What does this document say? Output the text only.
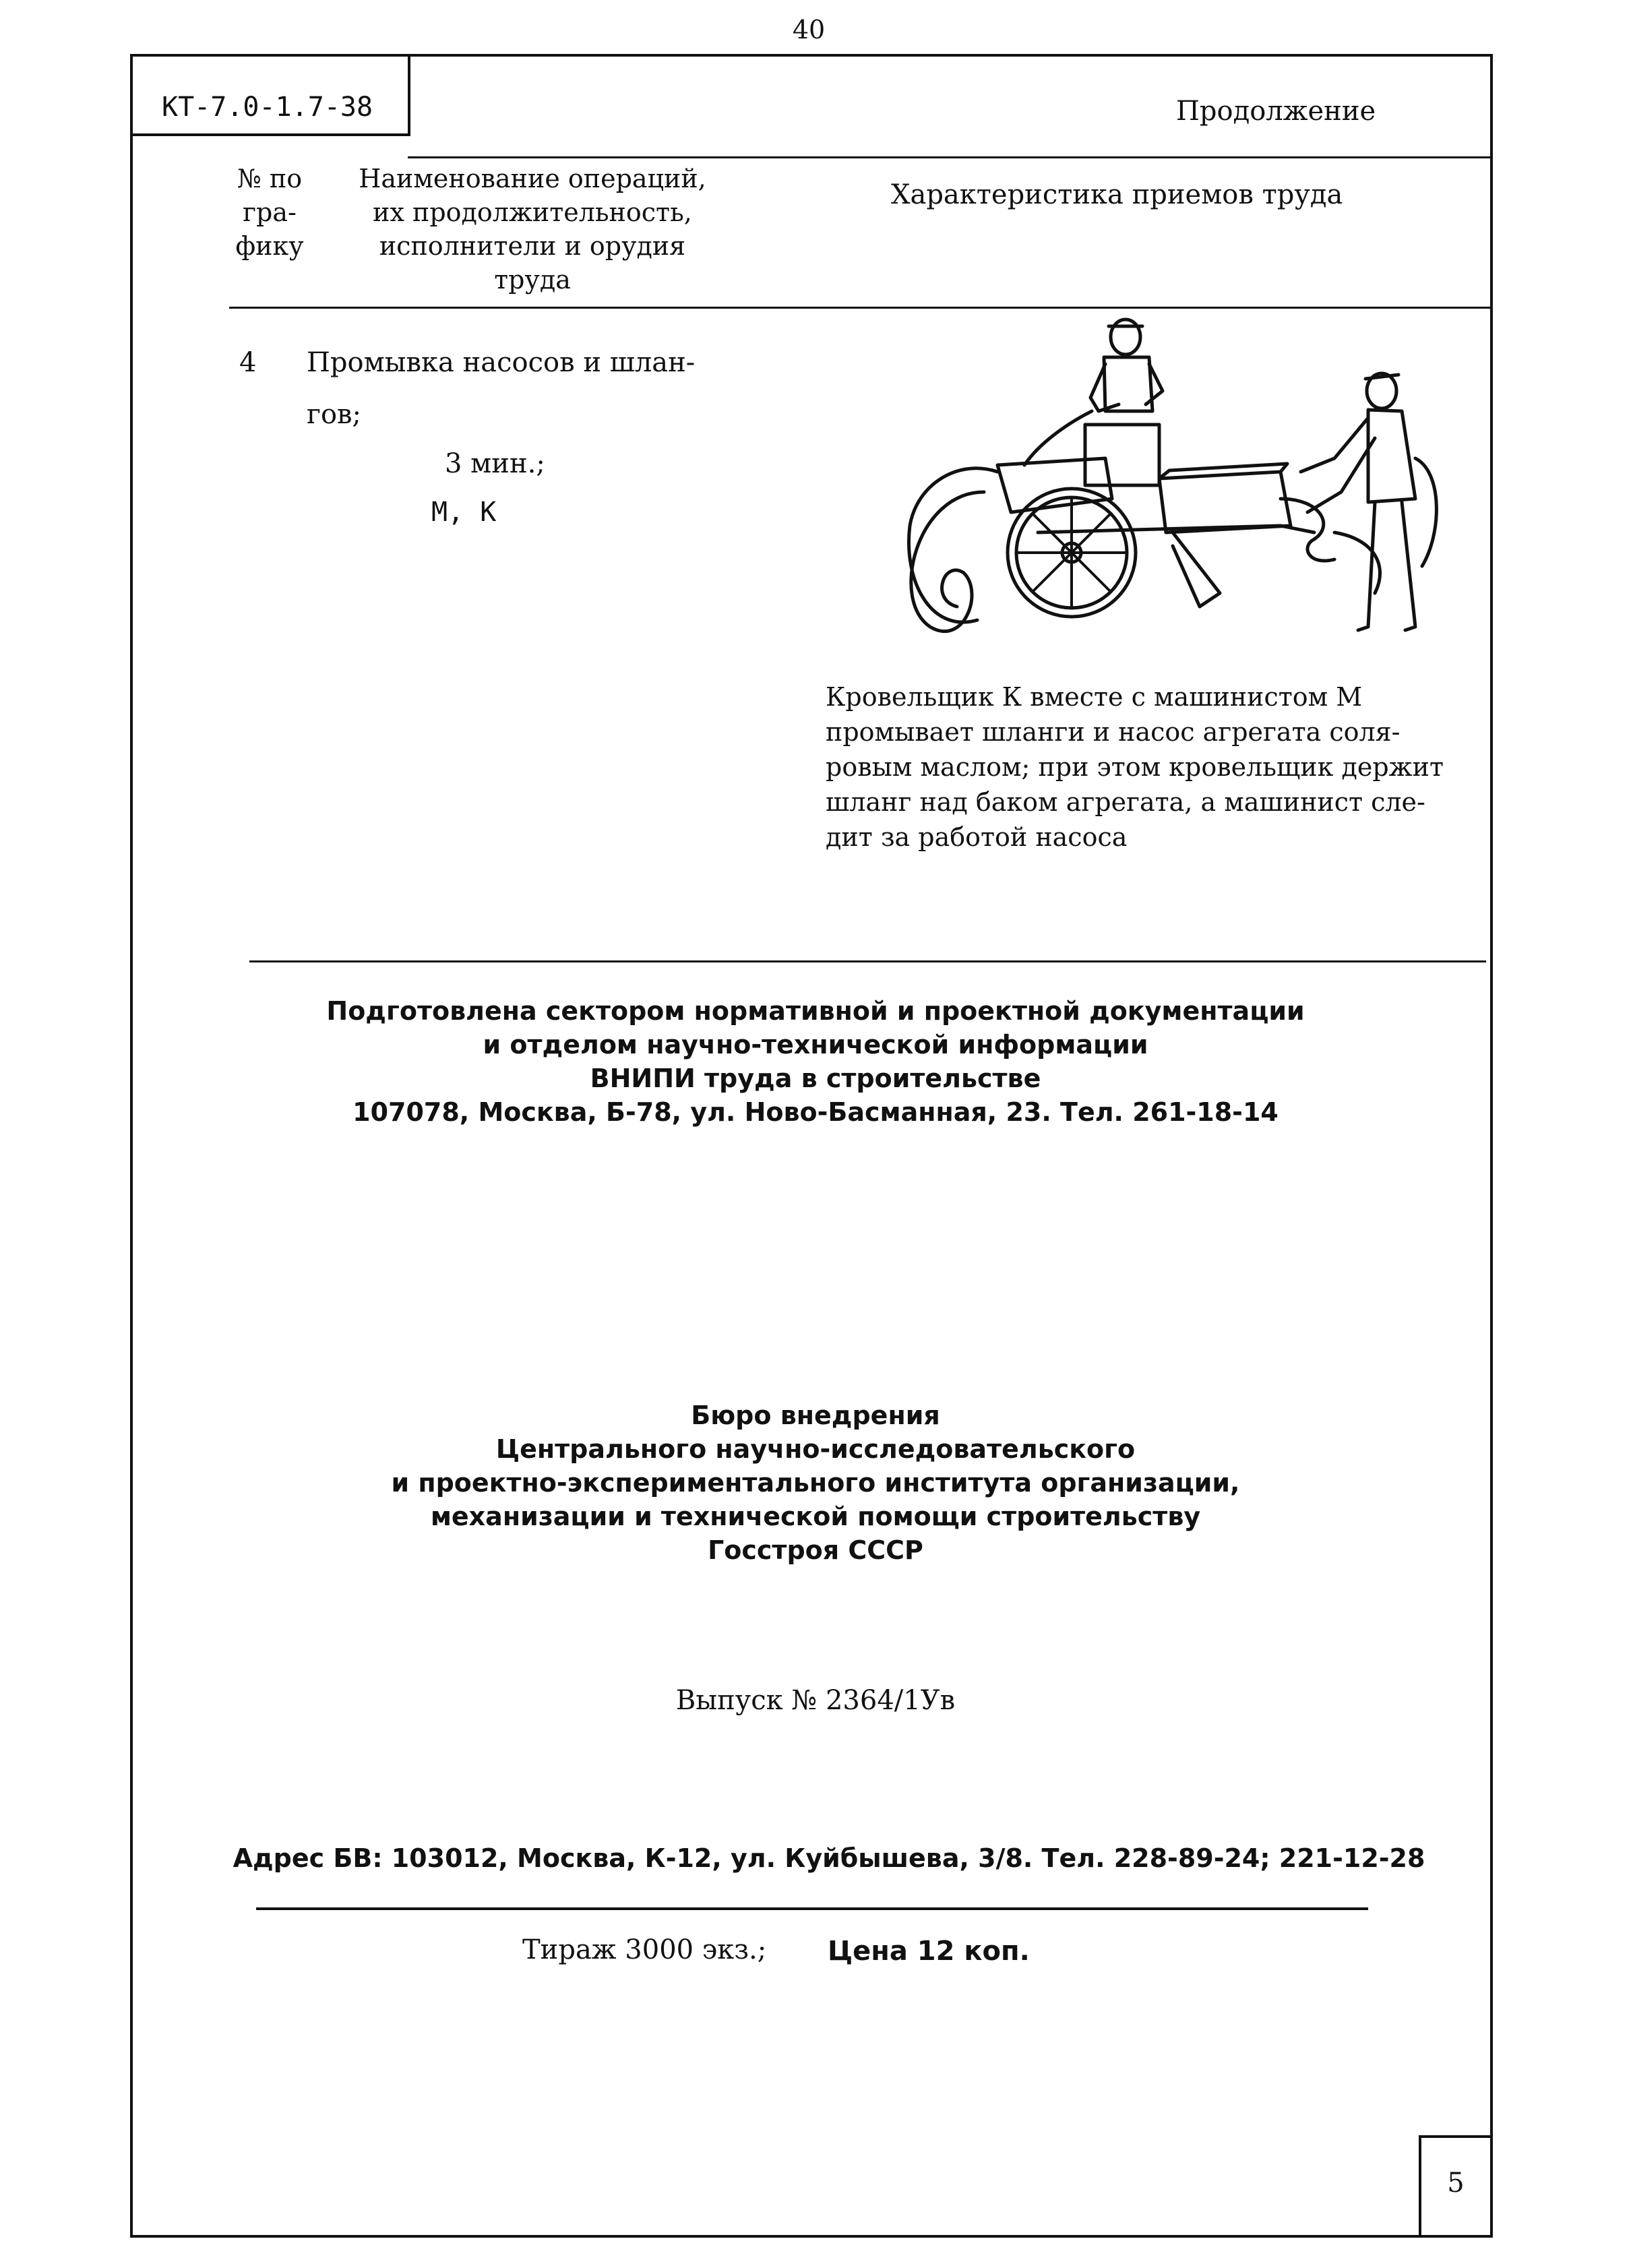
40
КТ-7.0-1.7-38	Продолжение
№ по
гра-
фику
Наименование операций,
их продолжительность,
исполнители и орудия
труда
Характеристика приемов труда
4 Промывка насосов и шлан-
гов;
3 мин.;
М, К
Кровельщик К вместе с машинистом М
промывает шланги и насос агрегата соля-
ровым маслом; при этом кровельщик держит
шланг над баком агрегата, а машинист сле-
дит за работой насоса
Подготовлена сектором нормативной и проектной документации
и отделом научно-технической информации
ВНИПИ труда в строительстве
107078, Москва, Б-78, ул. Ново-Басманная, 23. Тел. 261-18-14
Бюро внедрения
Центрального научно-исследовательского
и проектно-экспериментального института организации,
механизации и технической помощи строительству
Госстроя СССР
Выпуск № 2364/1Ув
Адрес БВ: 103012, Москва, К-12, ул. Куйбышева, 3/8. Тел. 228-89-24; 221-12-28
Тираж 3000 экз.; Цена 12 коп.
5
